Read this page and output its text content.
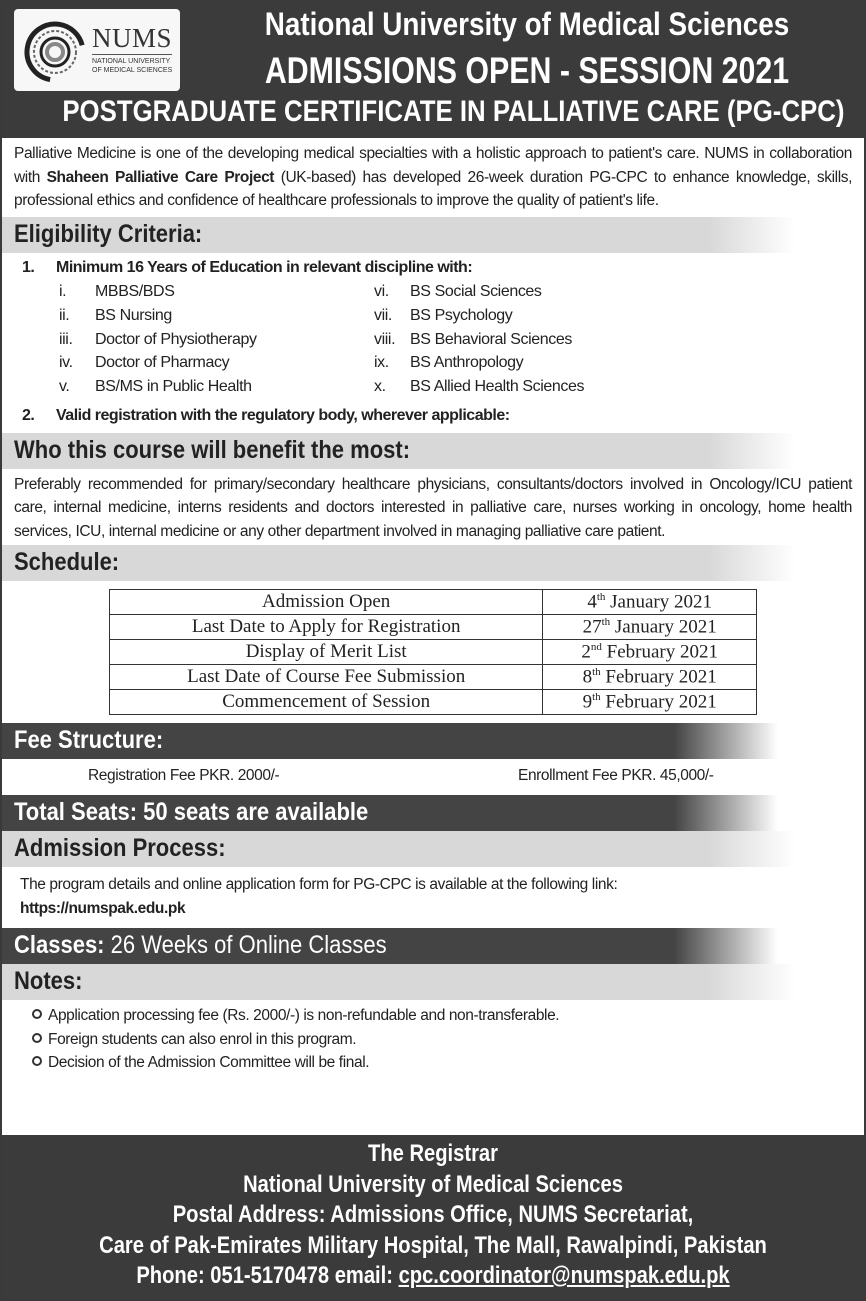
NUMS
NATIONAL UNIVERSITY
OF MEDICAL SCIENCES
National University of Medical Sciences
ADMISSIONS OPEN - SESSION 2021
POSTGRADUATE CERTIFICATE IN PALLIATIVE CARE (PG-CPC)
Palliative Medicine is one of the developing medical specialties with a holistic approach to patient's care. NUMS in collaboration with Shaheen Palliative Care Project (UK-based) has developed 26-week duration PG-CPC to enhance knowledge, skills, professional ethics and confidence of healthcare professionals to improve the quality of patient's life.
Eligibility Criteria:
1. Minimum 16 Years of Education in relevant discipline with:
i. MBBS/BDS
ii. BS Nursing
iii. Doctor of Physiotherapy
iv. Doctor of Pharmacy
v. BS/MS in Public Health
vi. BS Social Sciences
vii. BS Psychology
viii. BS Behavioral Sciences
ix. BS Anthropology
x. BS Allied Health Sciences
2. Valid registration with the regulatory body, wherever applicable:
Who this course will benefit the most:
Preferably recommended for primary/secondary healthcare physicians, consultants/doctors involved in Oncology/ICU patient care, internal medicine, interns residents and doctors interested in palliative care, nurses working in oncology, home health services, ICU, internal medicine or any other department involved in managing palliative care patient.
Schedule:
Admission Open	4th January 2021
Last Date to Apply for Registration	27th January 2021
Display of Merit List	2nd February 2021
Last Date of Course Fee Submission	8th February 2021
Commencement of Session	9th February 2021
Fee Structure:
Registration Fee PKR. 2000/-	Enrollment Fee PKR. 45,000/-
Total Seats: 50 seats are available
Admission Process:
The program details and online application form for PG-CPC is available at the following link:
https://numspak.edu.pk
Classes: 26 Weeks of Online Classes
Notes:
Application processing fee (Rs. 2000/-) is non-refundable and non-transferable.
Foreign students can also enrol in this program.
Decision of the Admission Committee will be final.
The Registrar
National University of Medical Sciences
Postal Address: Admissions Office, NUMS Secretariat,
Care of Pak-Emirates Military Hospital, The Mall, Rawalpindi, Pakistan
Phone: 051-5170478 email: cpc.coordinator@numspak.edu.pk
